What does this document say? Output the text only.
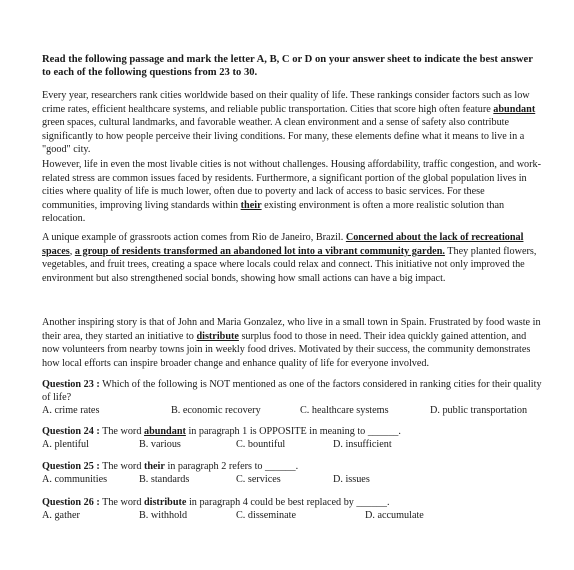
Read the following passage and mark the letter A, B, C or D on your answer sheet to indicate the best answer to each of the following questions from 23 to 30.
Every year, researchers rank cities worldwide based on their quality of life. These rankings consider factors such as low crime rates, efficient healthcare systems, and reliable public transportation. Cities that score high often feature abundant green spaces, cultural landmarks, and favorable weather. A clean environment and a sense of safety also contribute significantly to how people perceive their living conditions. For many, these elements define what it means to live in a "good" city.
However, life in even the most livable cities is not without challenges. Housing affordability, traffic congestion, and work-related stress are common issues faced by residents. Furthermore, a significant portion of the global population lives in cities where quality of life is much lower, often due to poverty and lack of access to basic services. For these communities, improving living standards within their existing environment is often a more realistic solution than relocation.
A unique example of grassroots action comes from Rio de Janeiro, Brazil. Concerned about the lack of recreational spaces, a group of residents transformed an abandoned lot into a vibrant community garden. They planted flowers, vegetables, and fruit trees, creating a space where locals could relax and connect. This initiative not only improved the environment but also strengthened social bonds, showing how small actions can have a big impact.
Another inspiring story is that of John and Maria Gonzalez, who live in a small town in Spain. Frustrated by food waste in their area, they started an initiative to distribute surplus food to those in need. Their idea quickly gained attention, and now volunteers from nearby towns join in weekly food drives. Motivated by their success, the community demonstrates how local efforts can inspire broader change and enhance quality of life for everyone involved.
Question 23 : Which of the following is NOT mentioned as one of the factors considered in ranking cities for their quality of life?
A. crime rates	B. economic recovery	C. healthcare systems	D. public transportation
Question 24 : The word abundant in paragraph 1 is OPPOSITE in meaning to ______.
A. plentiful	B. various	C. bountiful	D. insufficient
Question 25 : The word their in paragraph 2 refers to ______.
A. communities	B. standards	C. services	D. issues
Question 26 : The word distribute in paragraph 4 could be best replaced by ______.
A. gather	B. withhold	C. disseminate	D. accumulate
